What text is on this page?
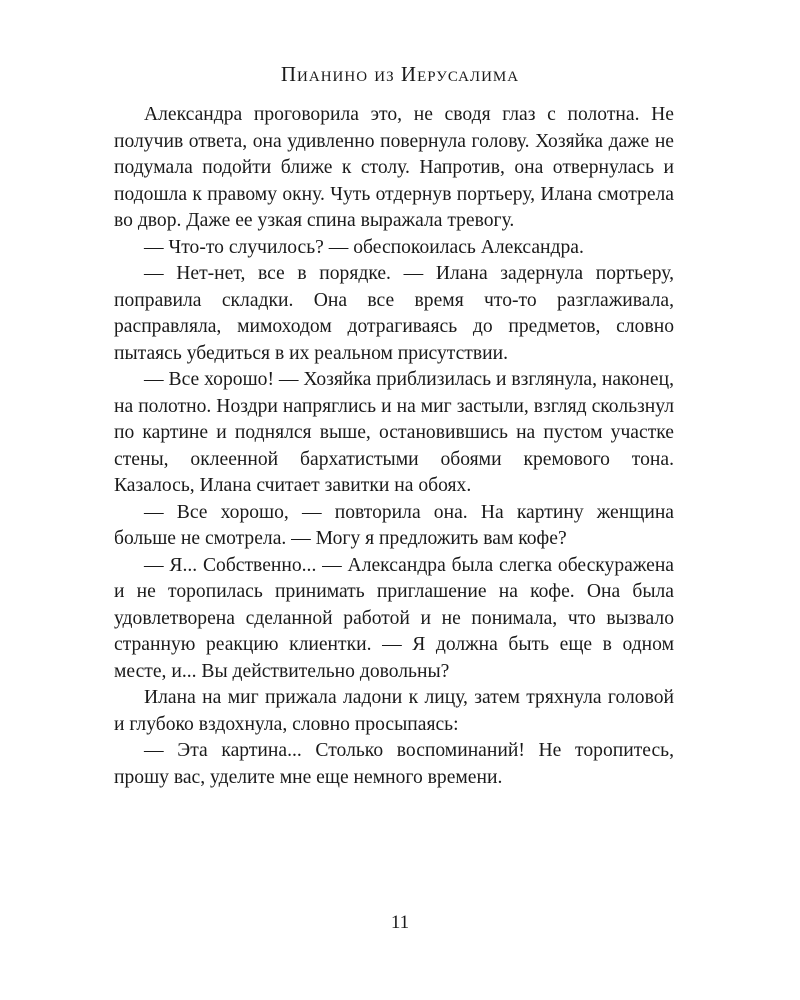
Пианино из Иерусалима

Александра проговорила это, не сводя глаз с полотна. Не получив ответа, она удивленно повернула голову. Хозяйка даже не подумала подойти ближе к столу. Напротив, она отвернулась и подошла к правому окну. Чуть отдернув портьеру, Илана смотрела во двор. Даже ее узкая спина выражала тревогу.

— Что-то случилось? — обеспокоилась Александра.

— Нет-нет, все в порядке. — Илана задернула портьеру, поправила складки. Она все время что-то разглаживала, расправляла, мимоходом дотрагиваясь до предметов, словно пытаясь убедиться в их реальном присутствии.

— Все хорошо! — Хозяйка приблизилась и взглянула, наконец, на полотно. Ноздри напряглись и на миг застыли, взгляд скользнул по картине и поднялся выше, остановившись на пустом участке стены, оклеенной бархатистыми обоями кремового тона. Казалось, Илана считает завитки на обоях.

— Все хорошо, — повторила она. На картину женщина больше не смотрела. — Могу я предложить вам кофе?

— Я... Собственно... — Александра была слегка обескуражена и не торопилась принимать приглашение на кофе. Она была удовлетворена сделанной работой и не понимала, что вызвало странную реакцию клиентки. — Я должна быть еще в одном месте, и... Вы действительно довольны?

Илана на миг прижала ладони к лицу, затем тряхнула головой и глубоко вздохнула, словно просыпаясь:

— Эта картина... Столько воспоминаний! Не торопитесь, прошу вас, уделите мне еще немного времени.

11
